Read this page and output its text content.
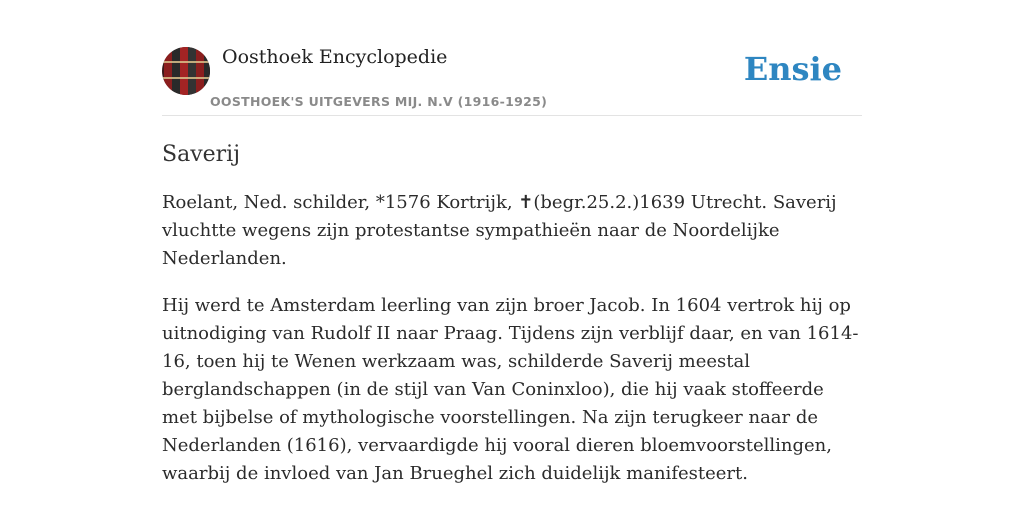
Oosthoek Encyclopedie
OOSTHOEK'S UITGEVERS MIJ. N.V (1916-1925)
Ensie
Saverij

Roelant, Ned. schilder, *1576 Kortrijk, ✝(begr.25.2.)1639 Utrecht. Saverij vluchtte wegens zijn protestantse sympathieën naar de Noordelijke Nederlanden.

Hij werd te Amsterdam leerling van zijn broer Jacob. In 1604 vertrok hij op uitnodiging van Rudolf II naar Praag. Tijdens zijn verblijf daar, en van 1614-16, toen hij te Wenen werkzaam was, schilderde Saverij meestal berglandschappen (in de stijl van Van Coninxloo), die hij vaak stoffeerde met bijbelse of mythologische voorstellingen. Na zijn terugkeer naar de Nederlanden (1616), vervaardigde hij vooral dieren bloemvoorstellingen, waarbij de invloed van Jan Brueghel zich duidelijk manifesteert.
